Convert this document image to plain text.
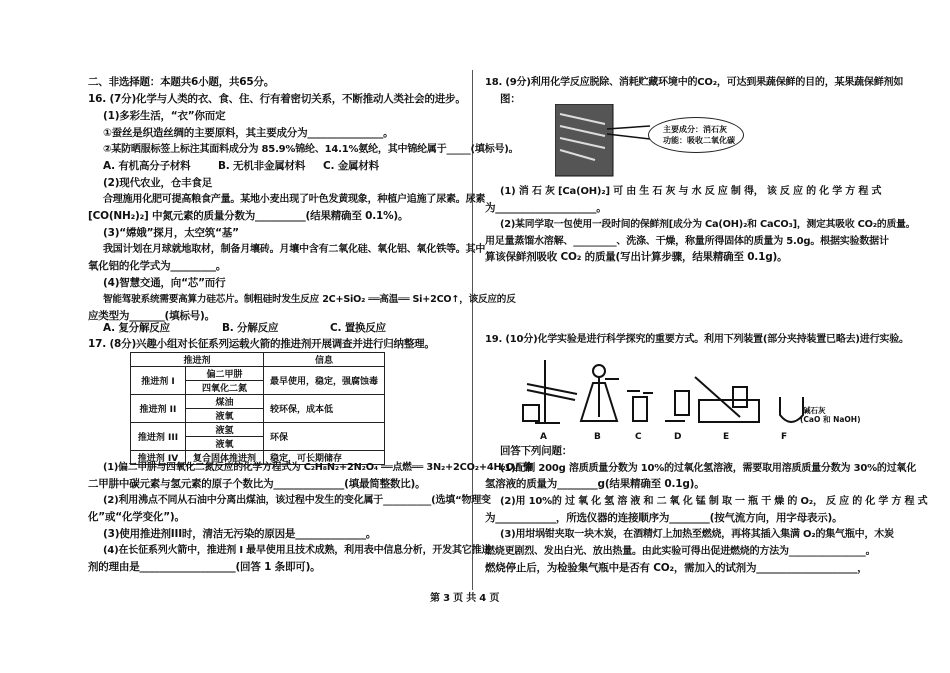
二、非选择题：本题共6小题，共65分。
16. (7分)化学与人类的衣、食、住、行有着密切关系，不断推动人类社会的进步。
(1)多彩生活，“衣”你而定
①蚕丝是织造丝绸的主要原料，其主要成分为_______________。
②某防晒服标签上标注其面料成分为 85.9%锦纶、14.1%氨纶，其中锦纶属于_____(填标号)。
A. 有机高分子材料	B. 无机非金属材料 C. 金属材料
(2)现代农业，仓丰食足
合理施用化肥可提高粮食产量。某地小麦出现了叶色发黄现象，种植户追施了尿素。尿素
[CO(NH₂)₂] 中氮元素的质量分数为__________(结果精确至 0.1%)。
(3)“嫦娥”探月，太空筑“基”
我国计划在月球就地取材，制备月壤砖。月壤中含有二氧化硅、氧化铝、氧化铁等。其中
氧化铝的化学式为_________。
(4)智慧交通，向“芯”而行
智能驾驶系统需要高算力硅芯片。制粗硅时发生反应 2C+SiO₂ ══高温══ Si+2CO↑，该反应的反
应类型为_______(填标号)。
A. 复分解反应	B. 分解反应	C. 置换反应
17. (8分)兴趣小组对长征系列运载火箭的推进剂开展调查并进行归纳整理。
推进剂		信息
推进剂 I	偏二甲肼	最早使用，稳定，强腐蚀毒
	四氧化二氮	
推进剂 II	煤油	较环保，成本低
	液氧	
推进剂 III	液氢	环保
	液氧	
推进剂 IV	复合固体推进剂	稳定，可长期储存
(1)偏二甲肼与四氧化二氮反应的化学方程式为 C₂H₈N₂+2N₂O₄ ══点燃══ 3N₂+2CO₂+4H₂O。偏
二甲肼中碳元素与氢元素的原子个数比为______________(填最简整数比)。
(2)利用沸点不同从石油中分离出煤油，该过程中发生的变化属于__________(选填“物理变
化”或“化学变化”)。
(3)使用推进剂III时，清洁无污染的原因是______________。
(4)在长征系列火箭中，推进剂 I 最早使用且技术成熟，利用表中信息分析，开发其它推进
剂的理由是___________________(回答 1 条即可)。
18. (9分)利用化学反应脱除、消耗贮藏环境中的CO₂，可达到果蔬保鲜的目的，某果蔬保鲜剂如
图：
主要成分：消石灰
功能：吸收二氧化碳
(1) 消 石 灰 [Ca(OH)₂] 可 由 生 石 灰 与 水 反 应 制 得， 该 反 应 的 化 学 方 程 式
为____________________。
(2)某同学取一包使用一段时间的保鲜剂[成分为 Ca(OH)₂和 CaCO₃]，测定其吸收 CO₂的质量。
用足量蒸馏水溶解、_________、洗涤、干燥，称量所得固体的质量为 5.0g。根据实验数据计
算该保鲜剂吸收 CO₂ 的质量(写出计算步骤，结果精确至 0.1g)。
19. (10分)化学实验是进行科学探究的重要方式。利用下列装置(部分夹持装置已略去)进行实验。
A	B	C	D	E	F
碱石灰
(CaO 和 NaOH)
回答下列问题：
(1)配制 200g 溶质质量分数为 10%的过氧化氢溶液，需要取用溶质质量分数为 30%的过氧化
氢溶液的质量为________g(结果精确至 0.1g)。
(2)用 10%的 过 氧 化 氢 溶 液 和 二 氧 化 锰 制 取 一 瓶 干 燥 的 O₂， 反 应 的 化 学 方 程 式
为____________，所选仪器的连接顺序为________(按气流方向，用字母表示)。
(3)用坩埚钳夹取一块木炭，在酒精灯上加热至燃烧，再将其插入集满 O₂的集气瓶中，木炭
燃烧更剧烈、发出白光、放出热量。由此实验可得出促进燃烧的方法为________________。
燃烧停止后，为检验集气瓶中是否有 CO₂，需加入的试剂为____________________，
第 3 页 共 4 页
